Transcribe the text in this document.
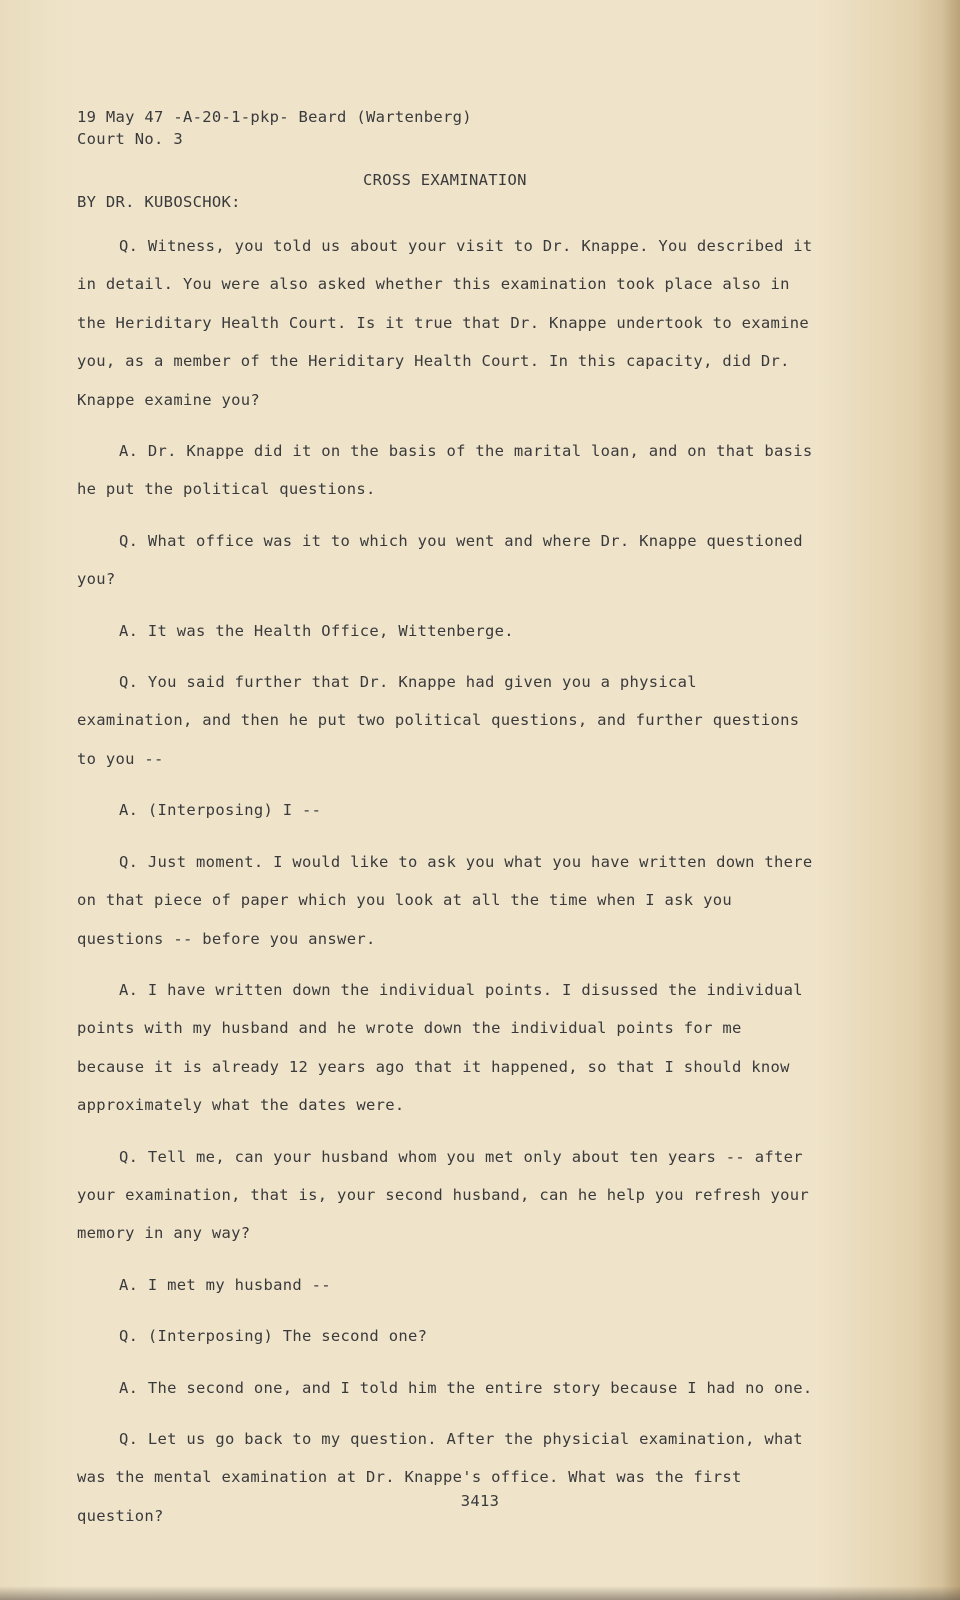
19 May 47 -A-20-1-pkp- Beard (Wartenberg)
Court No. 3
CROSS EXAMINATION
BY DR. KUBOSCHOK:

Q. Witness, you told us about your visit to Dr. Knappe. You described it in detail. You were also asked whether this examination took place also in the Heriditary Health Court. Is it true that Dr. Knappe undertook to examine you, as a member of the Heriditary Health Court. In this capacity, did Dr. Knappe examine you?

A. Dr. Knappe did it on the basis of the marital loan, and on that basis he put the political questions.

Q. What office was it to which you went and where Dr. Knappe questioned you?

A. It was the Health Office, Wittenberge.

Q. You said further that Dr. Knappe had given you a physical examination, and then he put two political questions, and further questions to you --

A. (Interposing) I --

Q. Just moment. I would like to ask you what you have written down there on that piece of paper which you look at all the time when I ask you questions -- before you answer.

A. I have written down the individual points. I disussed the individual points with my husband and he wrote down the individual points for me because it is already 12 years ago that it happened, so that I should know approximately what the dates were.

Q. Tell me, can your husband whom you met only about ten years -- after your examination, that is, your second husband, can he help you refresh your memory in any way?

A. I met my husband --

Q. (Interposing) The second one?

A. The second one, and I told him the entire story because I had no one.

Q. Let us go back to my question. After the physicial examination, what was the mental examination at Dr. Knappe's office. What was the first question?

3413
